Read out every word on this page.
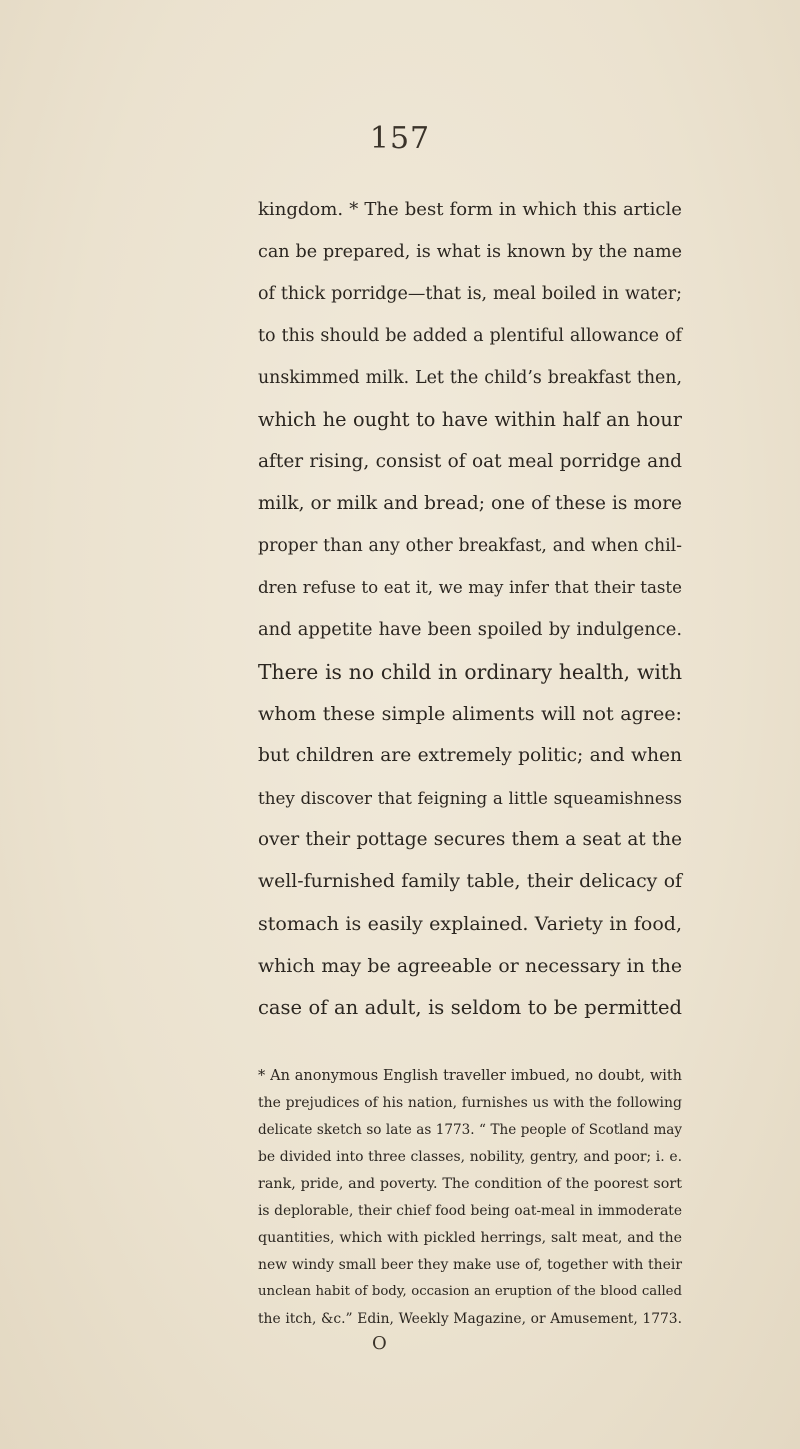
157
kingdom. * The best form in which this article
can be prepared, is what is known by the name
of thick porridge—that is, meal boiled in water;
to this should be added a plentiful allowance of
unskimmed milk. Let the child’s breakfast then,
which he ought to have within half an hour
after rising, consist of oat meal porridge and
milk, or milk and bread; one of these is more
proper than any other breakfast, and when chil-
dren refuse to eat it, we may infer that their taste
and appetite have been spoiled by indulgence.
There is no child in ordinary health, with
whom these simple aliments will not agree:
but children are extremely politic; and when
they discover that feigning a little squeamishness
over their pottage secures them a seat at the
well-furnished family table, their delicacy of
stomach is easily explained. Variety in food,
which may be agreeable or necessary in the
case of an adult, is seldom to be permitted
* An anonymous English traveller imbued, no doubt, with
the prejudices of his nation, furnishes us with the following
delicate sketch so late as 1773. “ The people of Scotland may
be divided into three classes, nobility, gentry, and poor; i. e.
rank, pride, and poverty. The condition of the poorest sort
is deplorable, their chief food being oat-meal in immoderate
quantities, which with pickled herrings, salt meat, and the
new windy small beer they make use of, together with their
unclean habit of body, occasion an eruption of the blood called
the itch, &c.” Edin, Weekly Magazine, or Amusement, 1773.
O
